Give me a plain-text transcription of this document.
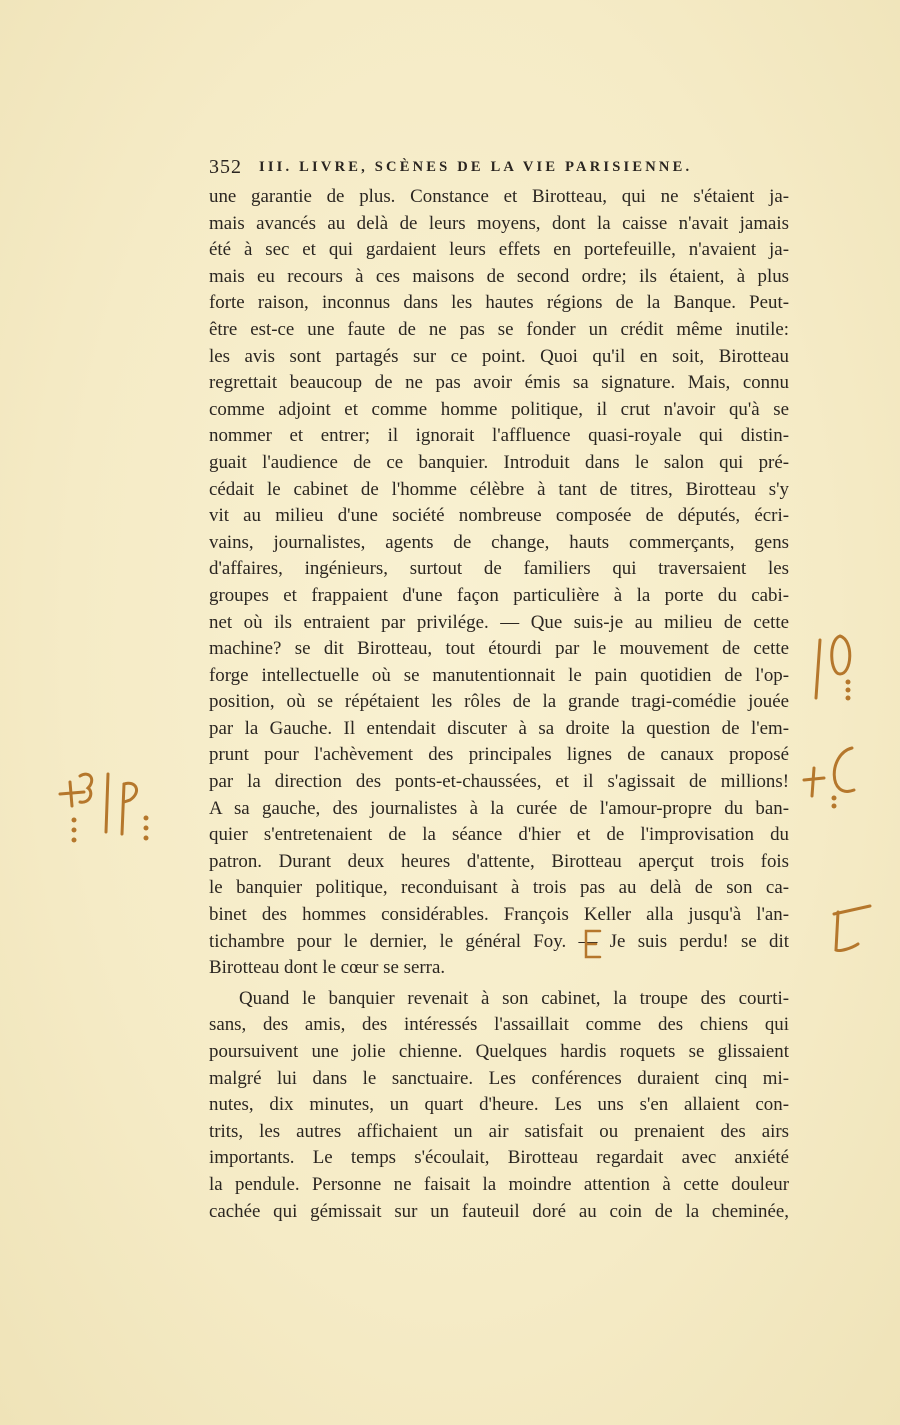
352 III. LIVRE, SCÈNES DE LA VIE PARISIENNE.
une garantie de plus. Constance et Birotteau, qui ne s'étaient ja-
mais avancés au delà de leurs moyens, dont la caisse n'avait jamais
été à sec et qui gardaient leurs effets en portefeuille, n'avaient ja-
mais eu recours à ces maisons de second ordre; ils étaient, à plus
forte raison, inconnus dans les hautes régions de la Banque. Peut-
être est-ce une faute de ne pas se fonder un crédit même inutile:
les avis sont partagés sur ce point. Quoi qu'il en soit, Birotteau
regrettait beaucoup de ne pas avoir émis sa signature. Mais, connu
comme adjoint et comme homme politique, il crut n'avoir qu'à se
nommer et entrer; il ignorait l'affluence quasi-royale qui distin-
guait l'audience de ce banquier. Introduit dans le salon qui pré-
cédait le cabinet de l'homme célèbre à tant de titres, Birotteau s'y
vit au milieu d'une société nombreuse composée de députés, écri-
vains, journalistes, agents de change, hauts commerçants, gens
d'affaires, ingénieurs, surtout de familiers qui traversaient les
groupes et frappaient d'une façon particulière à la porte du cabi-
net où ils entraient par privilége. — Que suis-je au milieu de cette
machine? se dit Birotteau, tout étourdi par le mouvement de cette
forge intellectuelle où se manutentionnait le pain quotidien de l'op-
position, où se répétaient les rôles de la grande tragi-comédie jouée
par la Gauche. Il entendait discuter à sa droite la question de l'em-
prunt pour l'achèvement des principales lignes de canaux proposé
par la direction des ponts-et-chaussées, et il s'agissait de millions!
A sa gauche, des journalistes à la curée de l'amour-propre du ban-
quier s'entretenaient de la séance d'hier et de l'improvisation du
patron. Durant deux heures d'attente, Birotteau aperçut trois fois
le banquier politique, reconduisant à trois pas au delà de son ca-
binet des hommes considérables. François Keller alla jusqu'à l'an-
tichambre pour le dernier, le général Foy. — Je suis perdu! se dit
Birotteau dont le cœur se serra.
Quand le banquier revenait à son cabinet, la troupe des courti-
sans, des amis, des intéressés l'assaillait comme des chiens qui
poursuivent une jolie chienne. Quelques hardis roquets se glissaient
malgré lui dans le sanctuaire. Les conférences duraient cinq mi-
nutes, dix minutes, un quart d'heure. Les uns s'en allaient con-
trits, les autres affichaient un air satisfait ou prenaient des airs
importants. Le temps s'écoulait, Birotteau regardait avec anxiété
la pendule. Personne ne faisait la moindre attention à cette douleur
cachée qui gémissait sur un fauteuil doré au coin de la cheminée,
